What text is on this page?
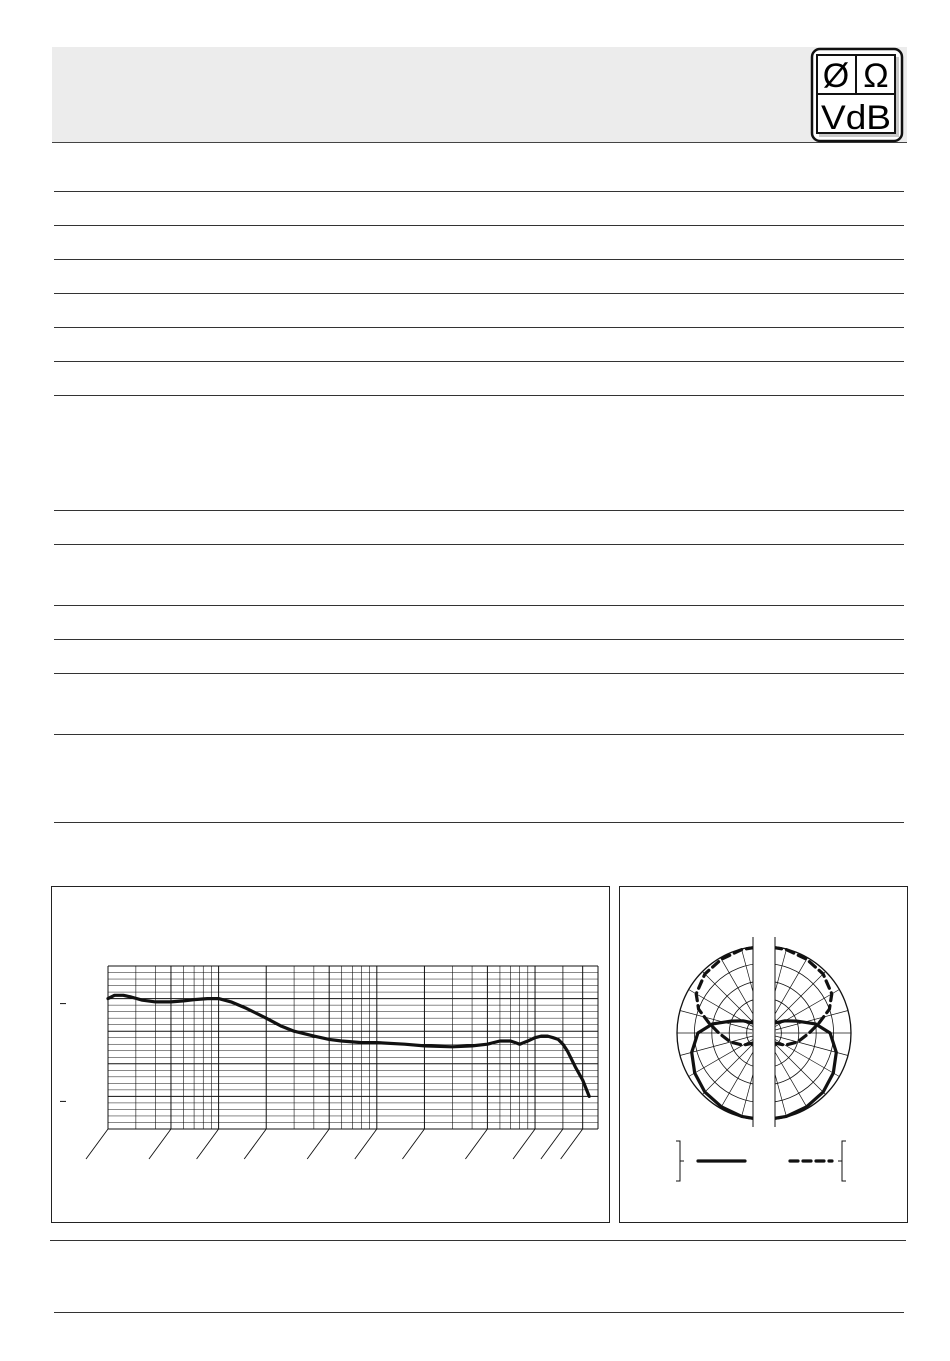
Ø Ω
VdB
